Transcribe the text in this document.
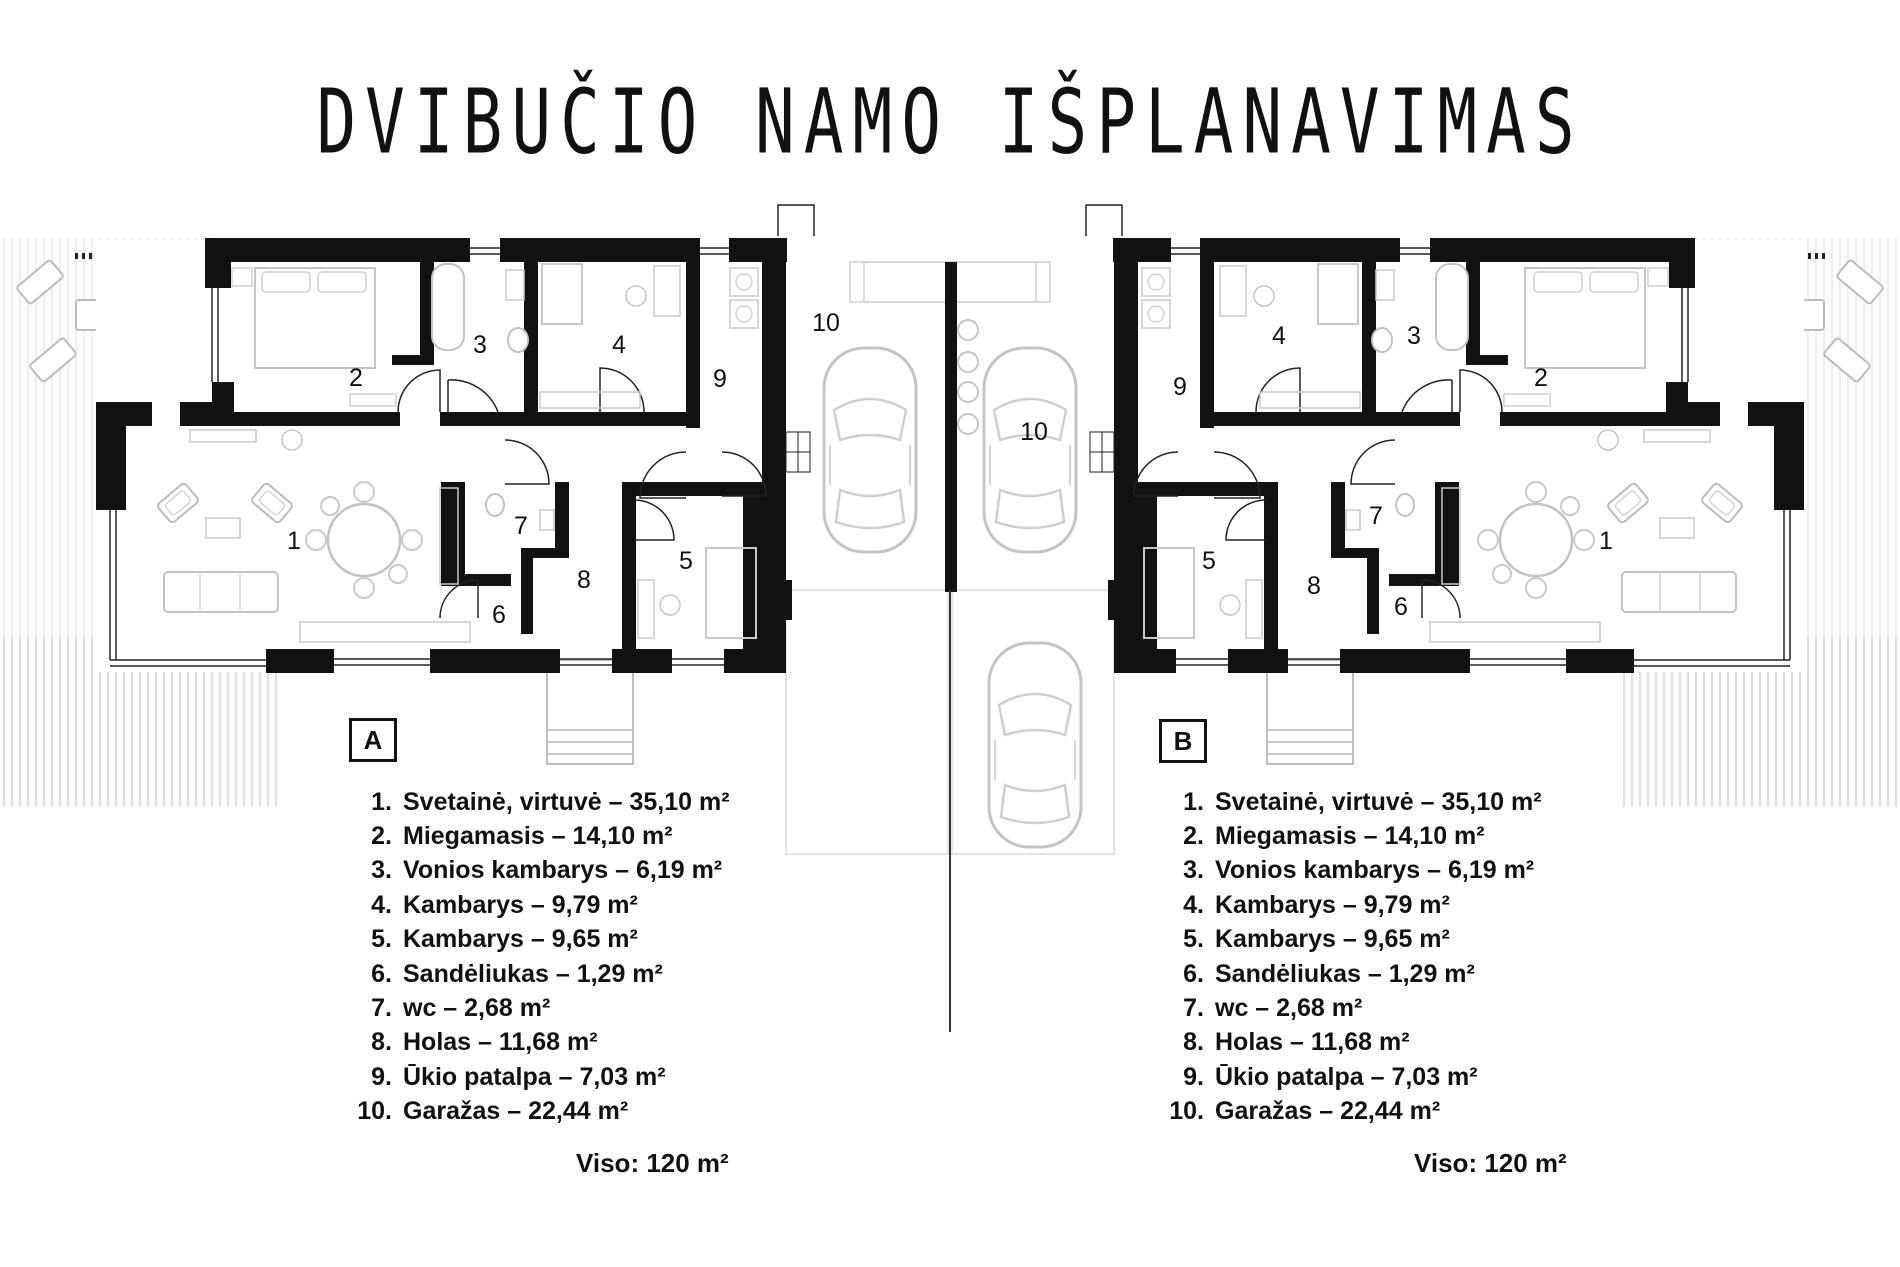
DVIBUČIO NAMO IŠPLANAVIMAS
1
2
3	4
5
6
7
8
9
10
1
2
3
4
5
6
7
8
9
10
A	B
1. Svetainė, virtuvė – 35,10 m²
2. Miegamasis – 14,10 m²
3. Vonios kambarys – 6,19 m²
4. Kambarys – 9,79 m²
5. Kambarys – 9,65 m²
6. Sandėliukas – 1,29 m²
7. wc – 2,68 m²
8. Holas – 11,68 m²
9. Ūkio patalpa – 7,03 m²
10. Garažas – 22,44 m²
Viso: 120 m²
1. Svetainė, virtuvė – 35,10 m²
2. Miegamasis – 14,10 m²
3. Vonios kambarys – 6,19 m²
4. Kambarys – 9,79 m²
5. Kambarys – 9,65 m²
6. Sandėliukas – 1,29 m²
7. wc – 2,68 m²
8. Holas – 11,68 m²
9. Ūkio patalpa – 7,03 m²
10. Garažas – 22,44 m²
Viso: 120 m²
